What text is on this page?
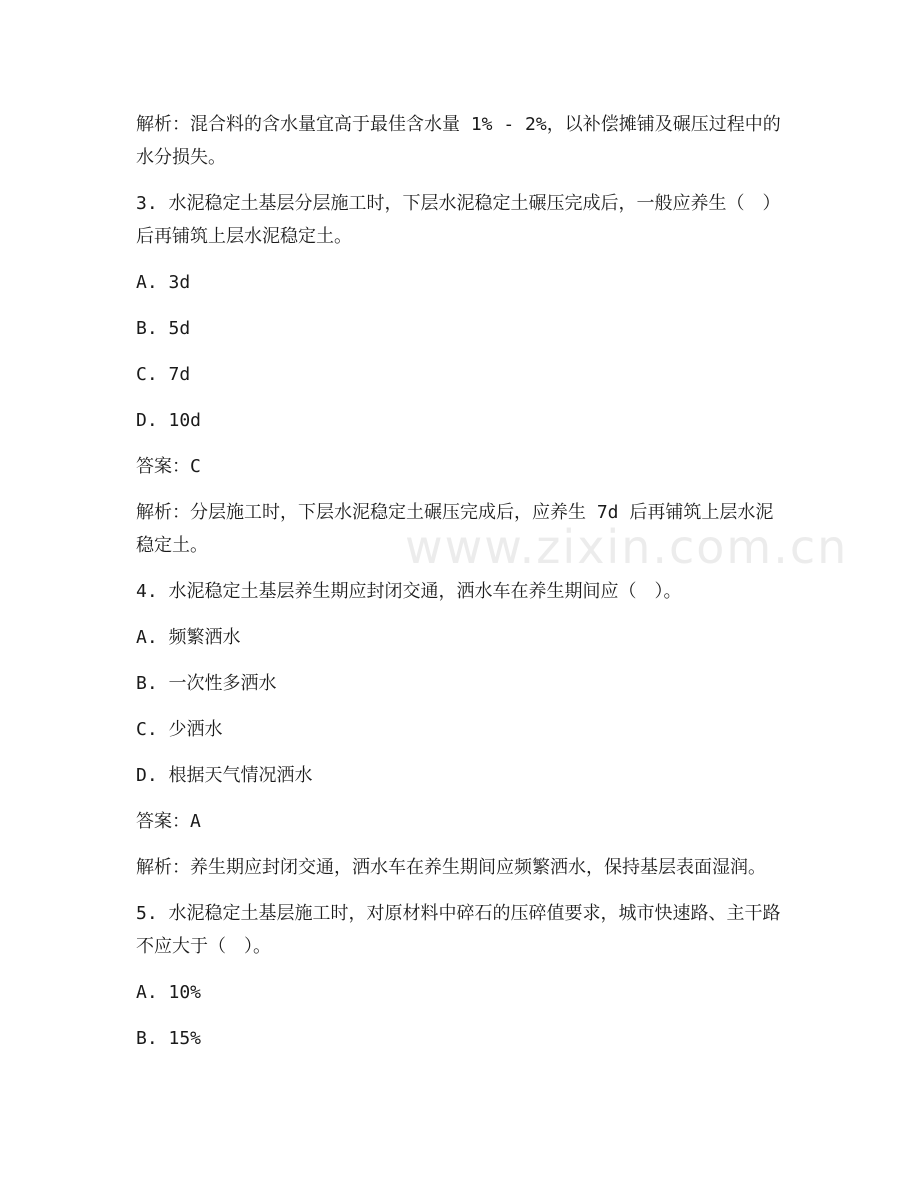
www.zixin.com.cn

解析：混合料的含水量宜高于最佳含水量 1% - 2%，以补偿摊铺及碾压过程中的水分损失。

3. 水泥稳定土基层分层施工时，下层水泥稳定土碾压完成后，一般应养生（　）后再铺筑上层水泥稳定土。

A. 3d

B. 5d

C. 7d

D. 10d

答案：C

解析：分层施工时，下层水泥稳定土碾压完成后，应养生 7d 后再铺筑上层水泥稳定土。

4. 水泥稳定土基层养生期应封闭交通，洒水车在养生期间应（　）。

A. 频繁洒水

B. 一次性多洒水

C. 少洒水

D. 根据天气情况洒水

答案：A

解析：养生期应封闭交通，洒水车在养生期间应频繁洒水，保持基层表面湿润。

5. 水泥稳定土基层施工时，对原材料中碎石的压碎值要求，城市快速路、主干路不应大于（　）。

A. 10%

B. 15%
